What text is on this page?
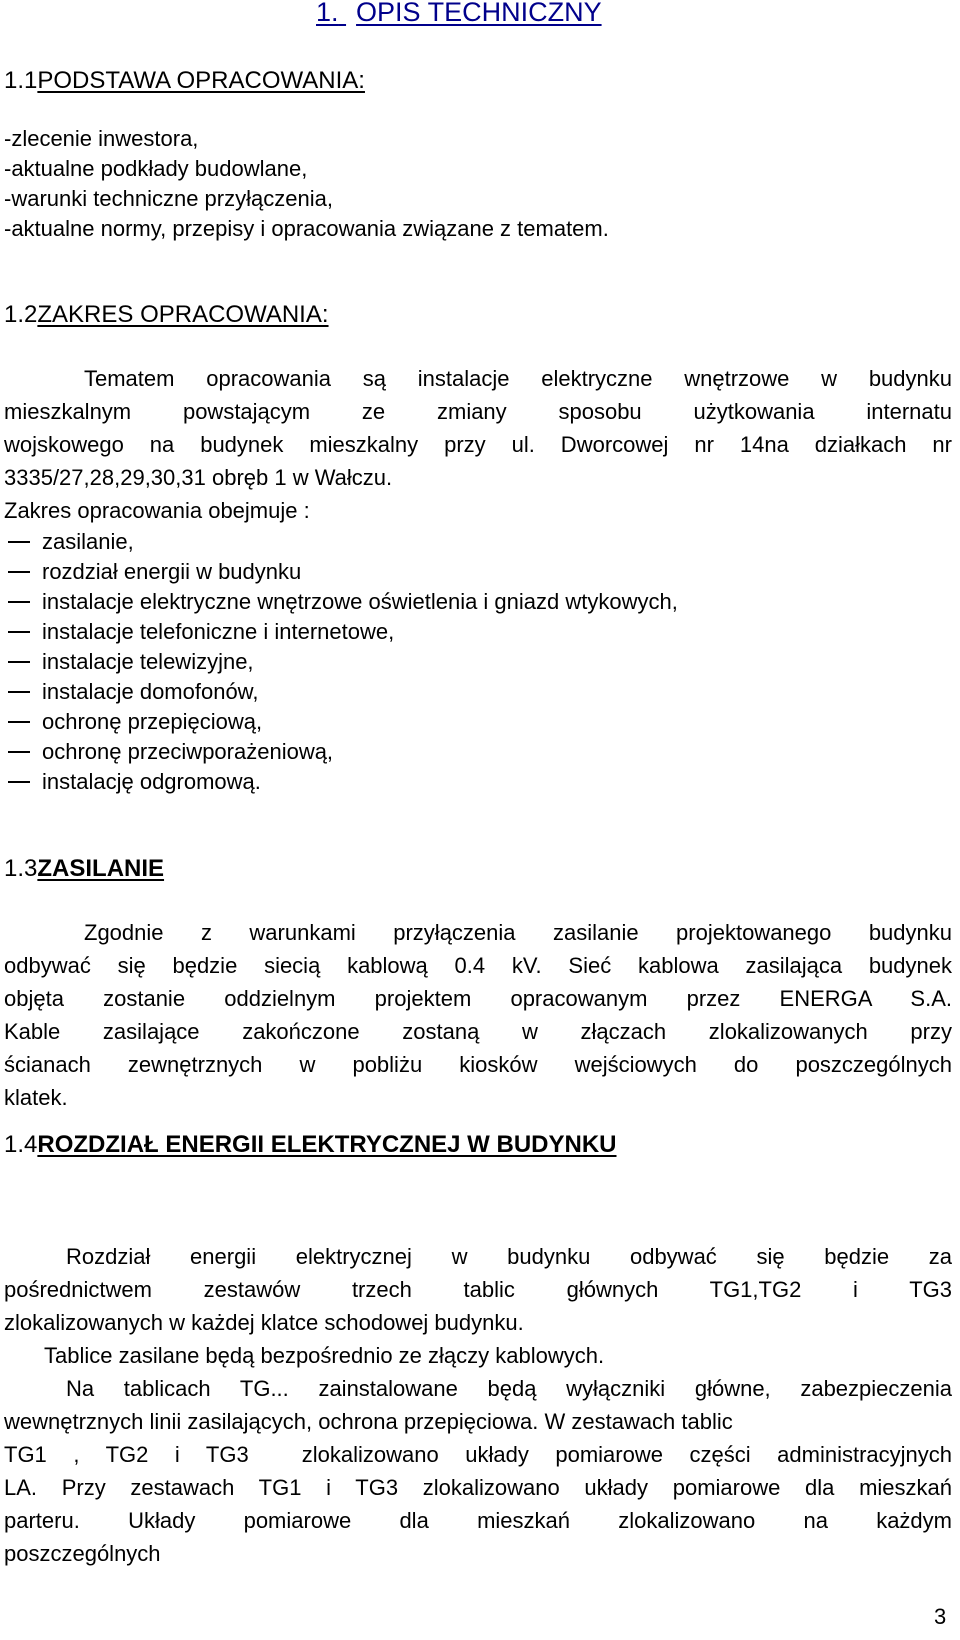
1. OPIS TECHNICZNY
1.1PODSTAWA OPRACOWANIA:
-zlecenie inwestora,
-aktualne podkłady budowlane,
-warunki techniczne przyłączenia,
-aktualne normy, przepisy i opracowania związane z tematem.
1.2ZAKRES OPRACOWANIA:
Tematem opracowania są instalacje elektryczne wnętrzowe w budynku
mieszkalnym powstającym ze zmiany sposobu użytkowania internatu
wojskowego na budynek mieszkalny przy ul. Dworcowej nr 14na działkach nr
3335/27,28,29,30,31 obręb 1 w Wałczu.
Zakres opracowania obejmuje :
zasilanie,
rozdział energii w budynku
instalacje elektryczne wnętrzowe oświetlenia i gniazd wtykowych,
instalacje telefoniczne i internetowe,
instalacje telewizyjne,
instalacje domofonów,
ochronę przepięciową,
ochronę przeciwporażeniową,
instalację odgromową.
1.3ZASILANIE
Zgodnie z warunkami przyłączenia zasilanie projektowanego budynku
odbywać się będzie siecią kablową 0.4 kV. Sieć kablowa zasilająca budynek
objęta zostanie oddzielnym projektem opracowanym przez ENERGA S.A.
Kable zasilające zakończone zostaną w złączach zlokalizowanych przy
ścianach zewnętrznych w pobliżu kiosków wejściowych do poszczególnych
klatek.
1.4ROZDZIAŁ ENERGII ELEKTRYCZNEJ W BUDYNKU
Rozdział energii elektrycznej w budynku odbywać się będzie za
pośrednictwem zestawów trzech tablic głównych TG1,TG2 i TG3
zlokalizowanych w każdej klatce schodowej budynku.
Tablice zasilane będą bezpośrednio ze złączy kablowych.
Na tablicach TG... zainstalowane będą wyłączniki główne, zabezpieczenia
wewnętrznych linii zasilających, ochrona przepięciowa. W zestawach tablic
TG1 , TG2 i TG3  zlokalizowano układy pomiarowe części administracyjnych
LA. Przy zestawach TG1 i TG3 zlokalizowano układy pomiarowe dla mieszkań
parteru. Układy pomiarowe dla mieszkań zlokalizowano na każdym
poszczególnych
3
